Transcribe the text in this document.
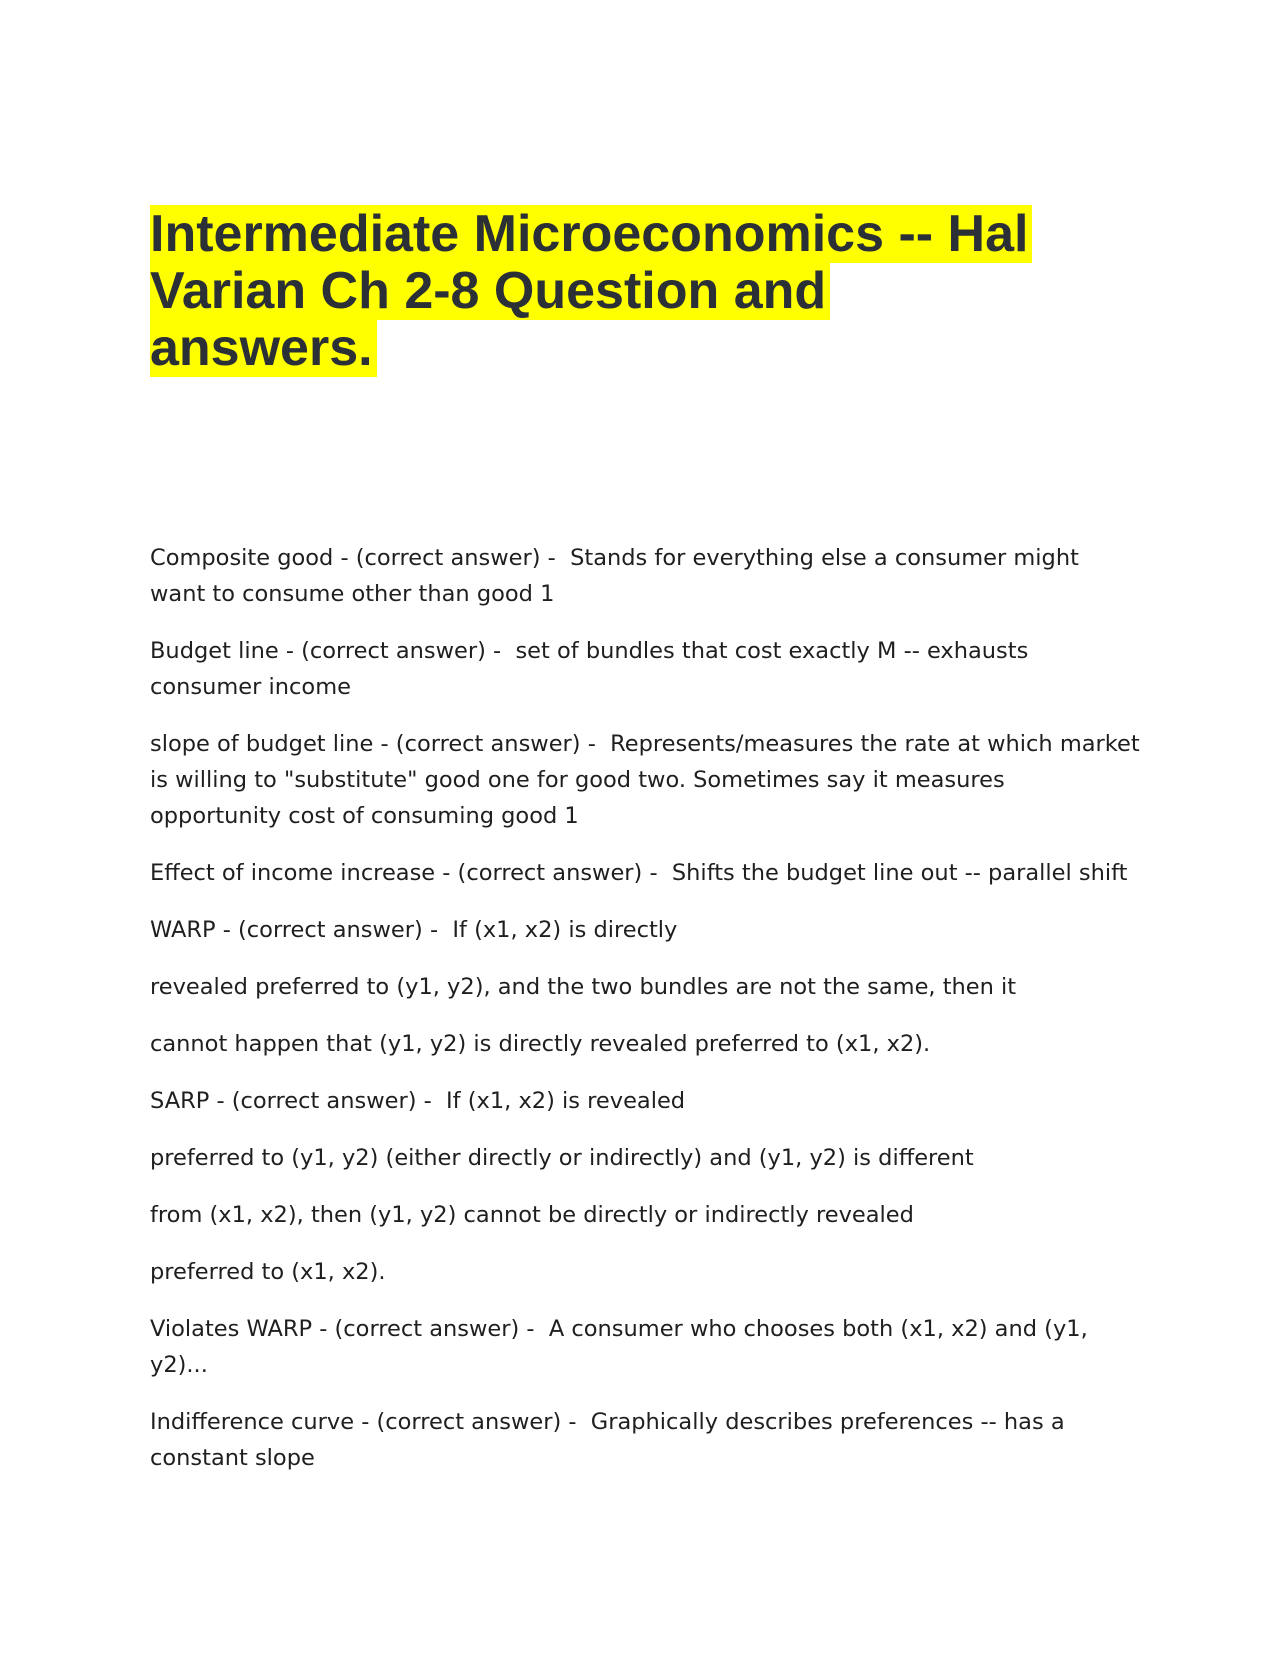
Intermediate Microeconomics -- Hal Varian Ch 2-8 Question and answers.

Composite good - (correct answer) -  Stands for everything else a consumer might want to consume other than good 1

Budget line - (correct answer) -  set of bundles that cost exactly M -- exhausts consumer income

slope of budget line - (correct answer) -  Represents/measures the rate at which market is willing to "substitute" good one for good two. Sometimes say it measures opportunity cost of consuming good 1

Effect of income increase - (correct answer) -  Shifts the budget line out -- parallel shift

WARP - (correct answer) -  If (x1, x2) is directly

revealed preferred to (y1, y2), and the two bundles are not the same, then it

cannot happen that (y1, y2) is directly revealed preferred to (x1, x2).

SARP - (correct answer) -  If (x1, x2) is revealed

preferred to (y1, y2) (either directly or indirectly) and (y1, y2) is different

from (x1, x2), then (y1, y2) cannot be directly or indirectly revealed

preferred to (x1, x2).

Violates WARP - (correct answer) -  A consumer who chooses both (x1, x2) and (y1, y2)...

Indifference curve - (correct answer) -  Graphically describes preferences -- has a constant slope
